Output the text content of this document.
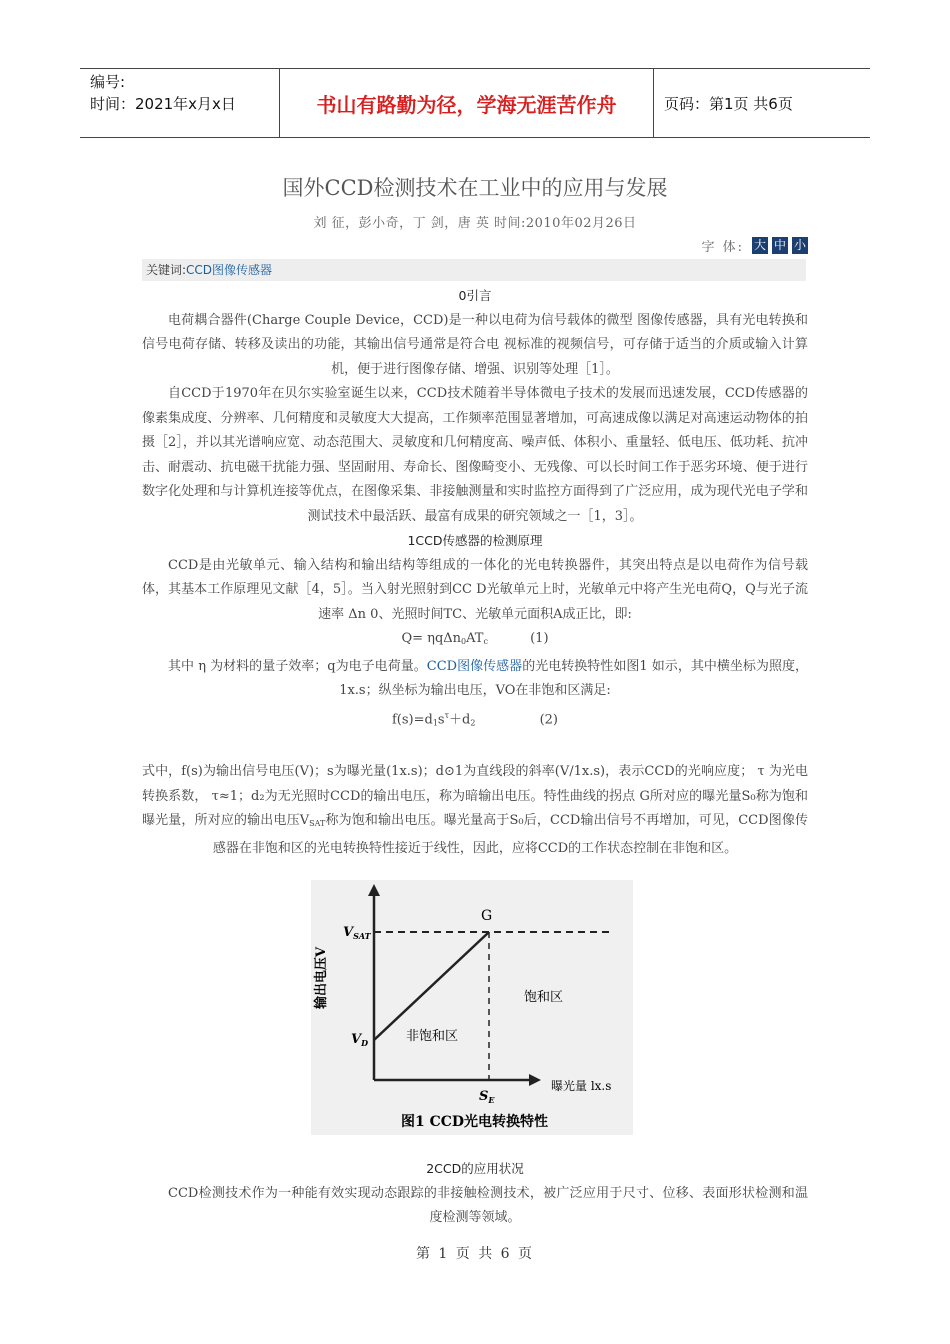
编号:
时间：2021年x月x日	书山有路勤为径，学海无涯苦作舟	页码：第1页 共6页
国外CCD检测技术在工业中的应用与发展
刘 征，彭小奇，丁 剑，唐 英 时间:2010年02月26日
字 体: 大 中 小
关键词:CCD图像传感器
0引言
电荷耦合器件(Charge Couple Device，CCD)是一种以电荷为信号载体的微型 图像传感器，具有光电转换和信号电荷存储、转移及读出的功能，其输出信号通常是符合电 视标准的视频信号，可存储于适当的介质或输入计算机，便于进行图像存储、增强、识别等处理［1］。
自CCD于1970年在贝尔实验室诞生以来，CCD技术随着半导体微电子技术的发展而迅速发展，CCD传感器的像素集成度、分辨率、几何精度和灵敏度大大提高，工作频率范围显著增加，可高速成像以满足对高速运动物体的拍摄［2］，并以其光谱响应宽、动态范围大、灵敏度和几何精度高、噪声低、体积小、重量轻、低电压、低功耗、抗冲击、耐震动、抗电磁干扰能力强、坚固耐用、寿命长、图像畸变小、无残像、可以长时间工作于恶劣环境、便于进行数字化处理和与计算机连接等优点，在图像采集、非接触测量和实时监控方面得到了广泛应用，成为现代光电子学和测试技术中最活跃、最富有成果的研究领域之一［1，3］。
1CCD传感器的检测原理
CCD是由光敏单元、输入结构和输出结构等组成的一体化的光电转换器件，其突出特点是以电荷作为信号载体，其基本工作原理见文献［4，5］。当入射光照射到CC D光敏单元上时，光敏单元中将产生光电荷Q，Q与光子流速率 Δn 0、光照时间TC、光敏单元面积A成正比，即:
$Q= \eta q\Delta n_0AT_c$	(1)
其中 η 为材料的量子效率；q为电子电荷量。CCD图像传感器的光电转换特性如图1 如示，其中横坐标为照度，1x.s；纵坐标为输出电压，VO在非饱和区满足:
$f(s)=d_1s^\tau+d_2$	(2)
式中，f(s)为输出信号电压(V)；s为曝光量(1x.s)；d⊙1为直线段的斜率(V/1x.s)，表示CCD的光响应度； τ 为光电转换系数， τ≈1；d₂为无光照时CCD的输出电压，称为暗输出电压。特性曲线的拐点 G所对应的曝光量S₀称为饱和曝光量，所对应的输出电压$V_{SAT}$称为饱和输出电压。曝光量高于S₀后，CCD输出信号不再增加，可见，CCD图像传感器在非饱和区的光电转换特性接近于线性，因此，应将CCD的工作状态控制在非饱和区。
输出电压V
$V_{SAT}$
$V_D$
G
饱和区
非饱和区
$S_E$
曝光量 lx.s
图1 CCD光电转换特性
2CCD的应用状况
CCD检测技术作为一种能有效实现动态跟踪的非接触检测技术，被广泛应用于尺寸、位移、表面形状检测和温度检测等领域。
第 1 页 共 6 页
